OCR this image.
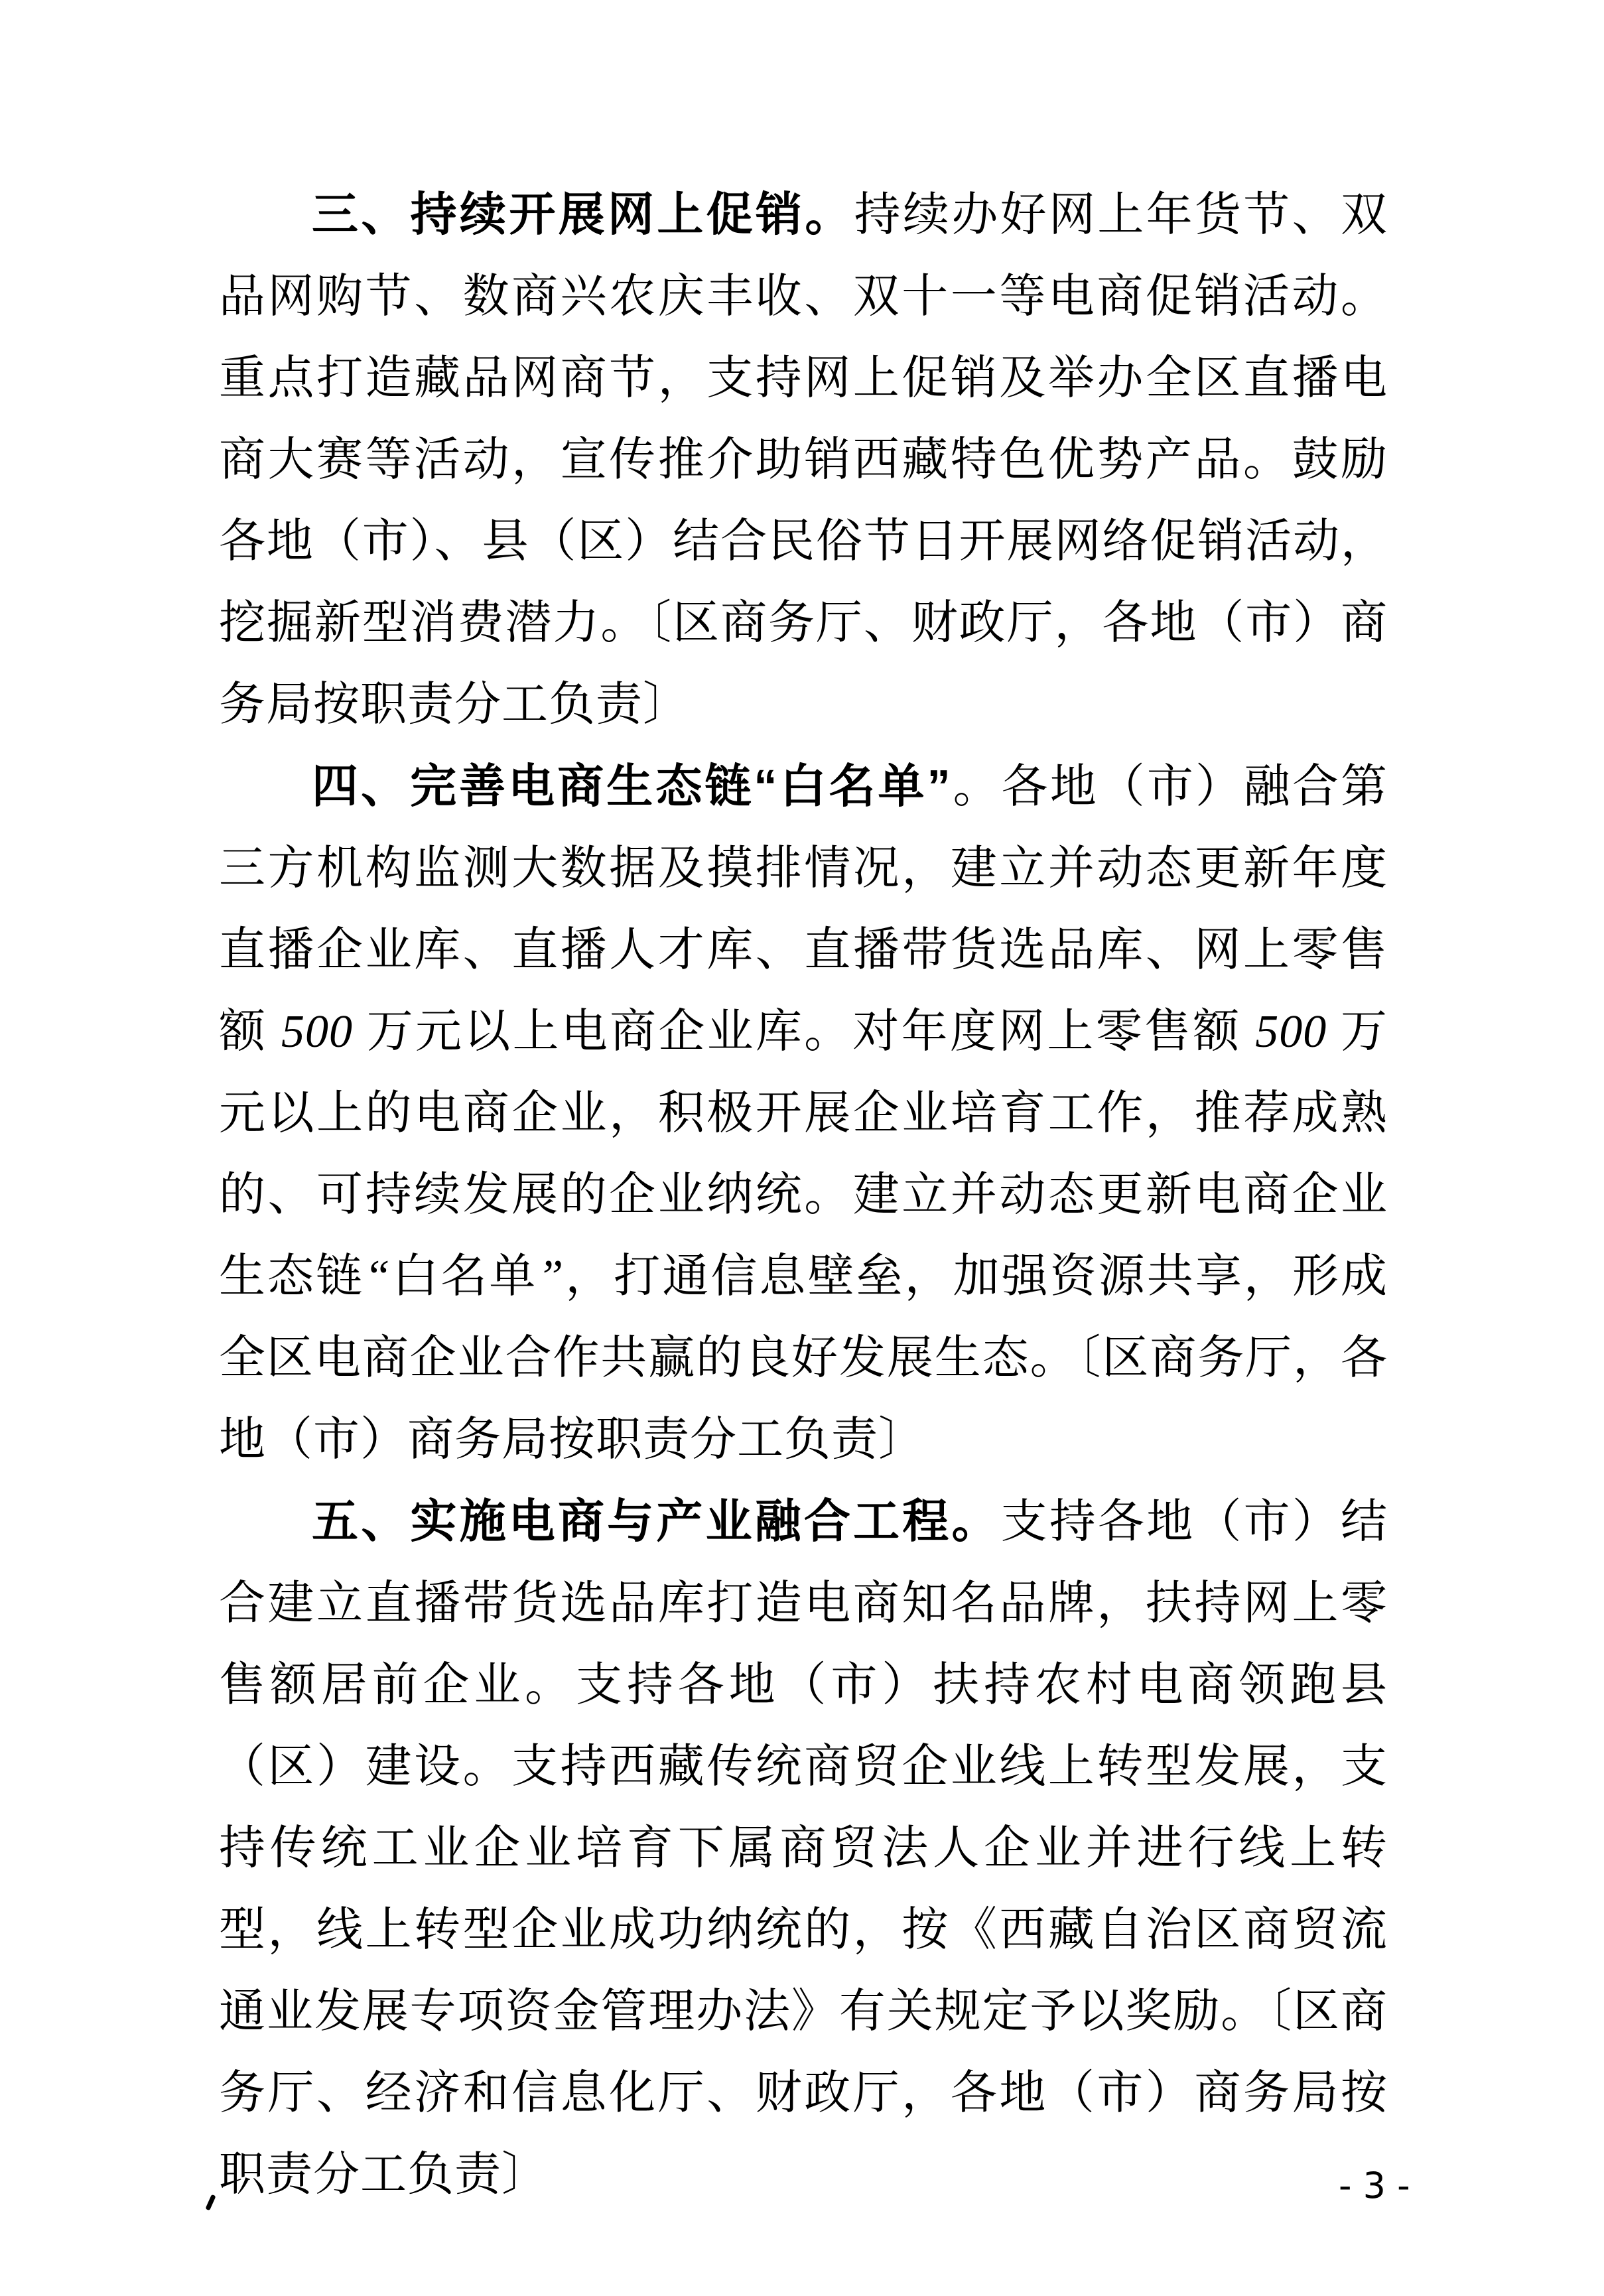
三、持续开展网上促销。持续办好网上年货节、双品网购节、数商兴农庆丰收、双十一等电商促销活动。重点打造藏品网商节，支持网上促销及举办全区直播电商大赛等活动，宣传推介助销西藏特色优势产品。鼓励各地（市）、县（区）结合民俗节日开展网络促销活动，挖掘新型消费潜力。〔区商务厅、财政厅，各地（市）商务局按职责分工负责〕

四、完善电商生态链“白名单”。各地（市）融合第三方机构监测大数据及摸排情况，建立并动态更新年度直播企业库、直播人才库、直播带货选品库、网上零售额 500 万元以上电商企业库。对年度网上零售额 500 万元以上的电商企业，积极开展企业培育工作，推荐成熟的、可持续发展的企业纳统。建立并动态更新电商企业生态链“白名单”，打通信息壁垒，加强资源共享，形成全区电商企业合作共赢的良好发展生态。〔区商务厅，各地（市）商务局按职责分工负责〕

五、实施电商与产业融合工程。支持各地（市）结合建立直播带货选品库打造电商知名品牌，扶持网上零售额居前企业。支持各地（市）扶持农村电商领跑县（区）建设。支持西藏传统商贸企业线上转型发展，支持传统工业企业培育下属商贸法人企业并进行线上转型，线上转型企业成功纳统的，按《西藏自治区商贸流通业发展专项资金管理办法》有关规定予以奖励。〔区商务厅、经济和信息化厅、财政厅，各地（市）商务局按职责分工负责〕	- 3 -
